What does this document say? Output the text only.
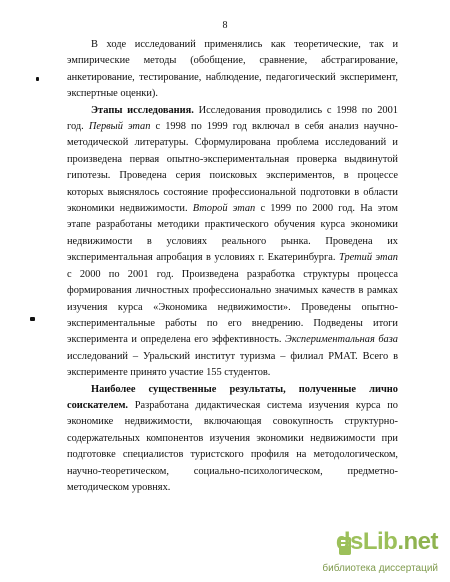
8

В ходе исследований применялись как теоретические, так и эмпирические методы (обобщение, сравнение, абстрагирование, анкетирование, тестирование, наблюдение, педагогический эксперимент, экспертные оценки).

Этапы исследования. Исследования проводились с 1998 по 2001 год. Первый этап с 1998 по 1999 год включал в себя анализ научно-методической литературы. Сформулирована проблема исследований и произведена первая опытно-экспериментальная проверка выдвинутой гипотезы. Проведена серия поисковых экспериментов, в процессе которых выяснялось состояние профессиональной подготовки в области экономики недвижимости. Второй этап с 1999 по 2000 год. На этом этапе разработаны методики практического обучения курса экономики недвижимости в условиях реального рынка. Проведена их экспериментальная апробация в условиях г. Екатеринбурга. Третий этап с 2000 по 2001 год. Произведена разработка структуры процесса формирования личностных профессионально значимых качеств в рамках изучения курса «Экономика недвижимости». Проведены опытно-экспериментальные работы по его внедрению. Подведены итоги эксперимента и определена его эффективность. Экспериментальная база исследований – Уральский институт туризма – филиал РМАТ. Всего в эксперименте принято участие 155 студентов.

Наиболее существенные результаты, полученные лично соискателем. Разработана дидактическая система изучения курса по экономике недвижимости, включающая совокупность структурно-содержательных компонентов изучения экономики недвижимости при подготовке специалистов туристского профиля на методологическом, научно-теоретическом, социально-психологическом, предметно-методическом уровнях.

dsLib.net
библиотека диссертаций
